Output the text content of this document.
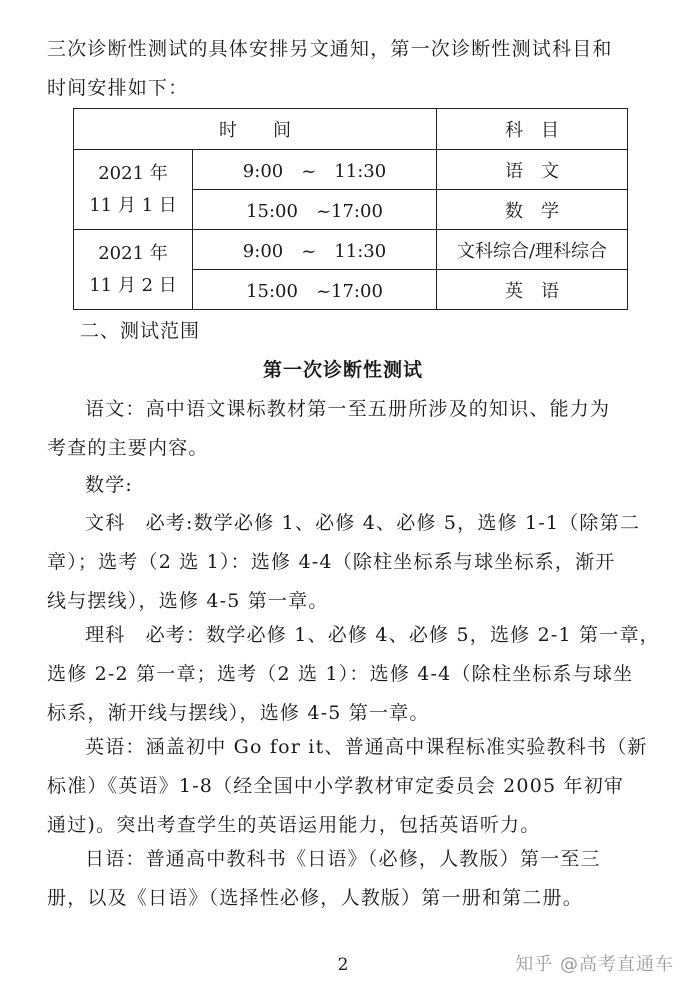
三次诊断性测试的具体安排另文通知，第一次诊断性测试科目和
时间安排如下：
时　　间		科　目

2021 年
11 月 1 日	9:00　~　11:30	语　文
	15:00　~17:00	数　学

2021 年
11 月 2 日	9:00　~　11:30	文科综合/理科综合
	15:00　~17:00	英　语
二、测试范围
第一次诊断性测试
语文：高中语文课标教材第一至五册所涉及的知识、能力为
考查的主要内容。
数学:
文科　必考:数学必修 1、必修 4、必修 5，选修 1-1（除第二
章）；选考（2 选 1）：选修 4-4（除柱坐标系与球坐标系，渐开
线与摆线），选修 4-5 第一章。
理科　必考：数学必修 1、必修 4、必修 5，选修 2-1 第一章，
选修 2-2 第一章；选考（2 选 1）：选修 4-4（除柱坐标系与球坐
标系，渐开线与摆线），选修 4-5 第一章。
英语：涵盖初中 Go for it、普通高中课程标准实验教科书（新
标准）《英语》1-8（经全国中小学教材审定委员会 2005 年初审
通过)。突出考查学生的英语运用能力，包括英语听力。
日语：普通高中教科书《日语》（必修，人教版）第一至三
册，以及《日语》（选择性必修，人教版）第一册和第二册。
2	知乎 @高考直通车
